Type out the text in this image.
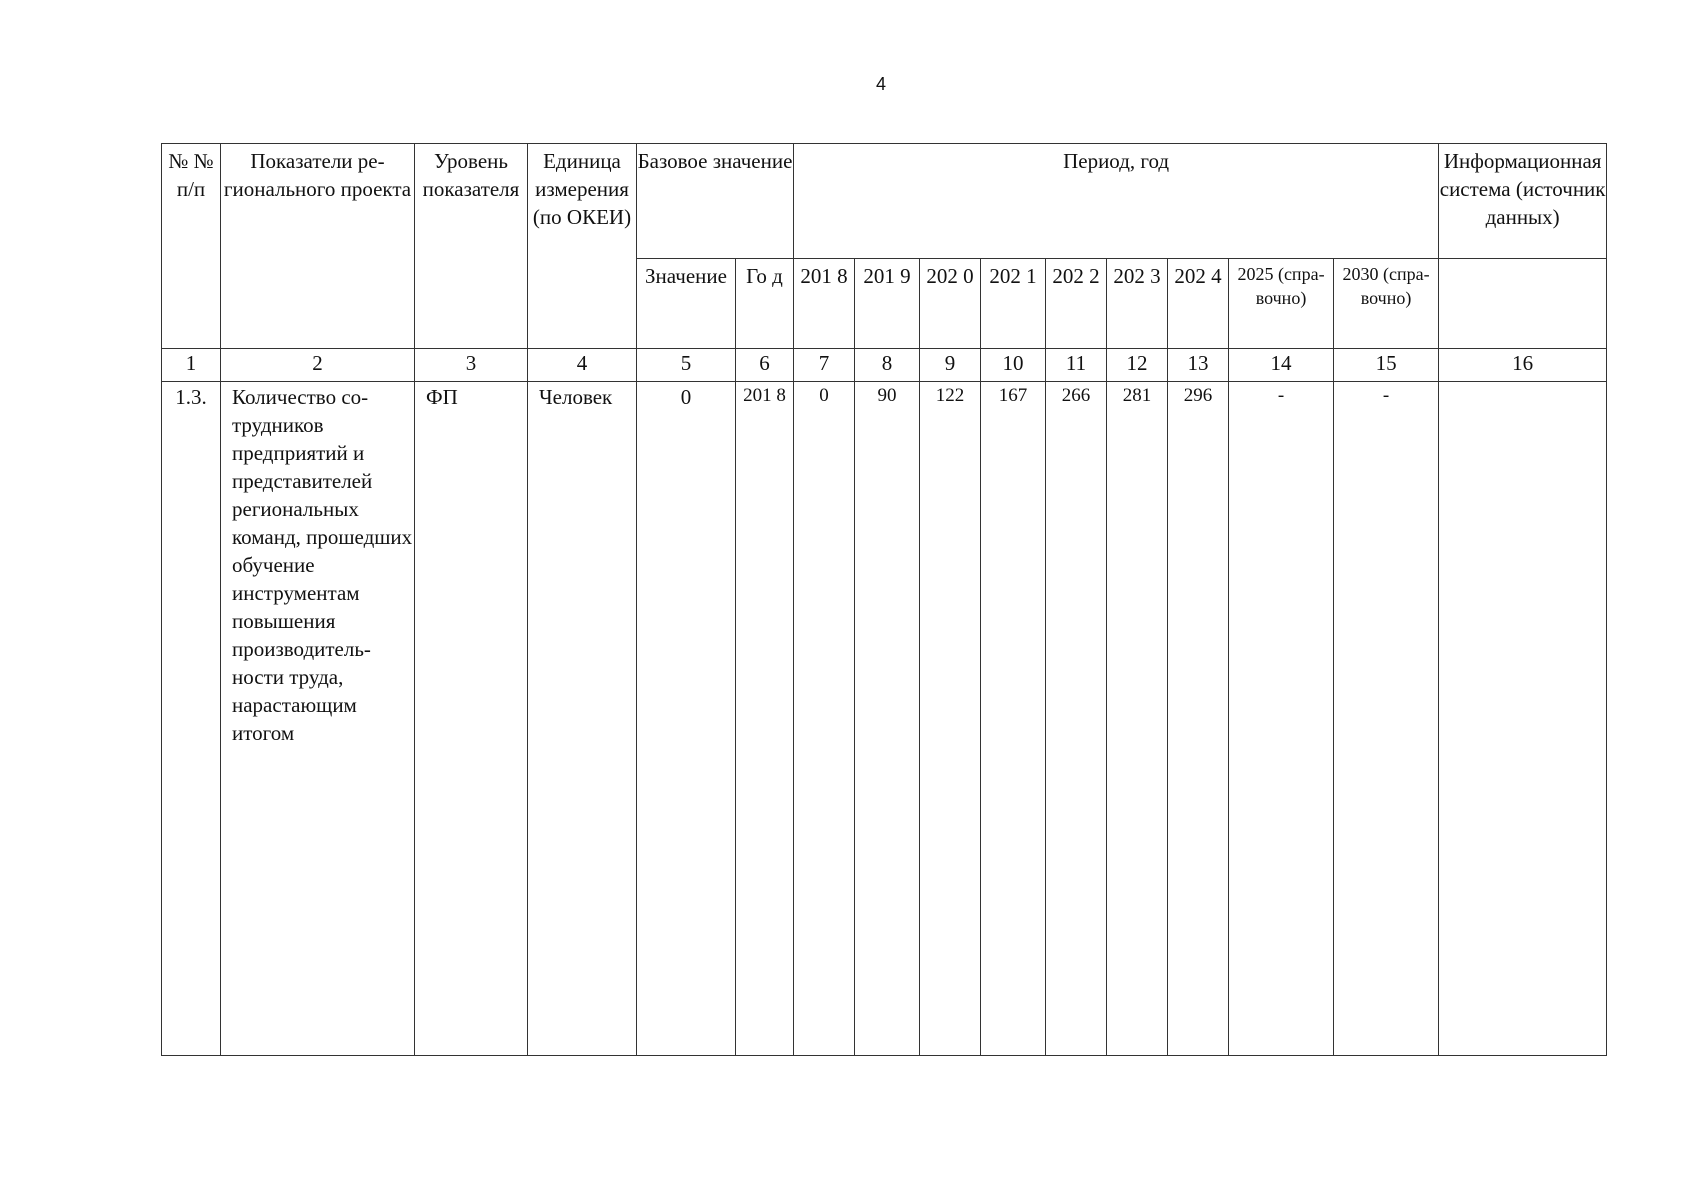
4
№ № п/п	Показатели регионального проекта	Уровень показателя	Единица измерения (по ОКЕИ)	Базовое значение		Период, год									Информационная система (источник данных)
				Значение	Го д	201 8	201 9	202 0	202 1	202 2	202 3	202 4	2025 (справочно)	2030 (справочно)	
1	2	3	4	5	6	7	8	9	10	11	12	13	14	15	16
1.3.	Количество сотрудников предприятий и представителей региональных команд, прошедших обучение инструментам повышения производительности труда, нарастающим итогом	ФП	Человек	0	201 8	0	90	122	167	266	281	296	-	-	
